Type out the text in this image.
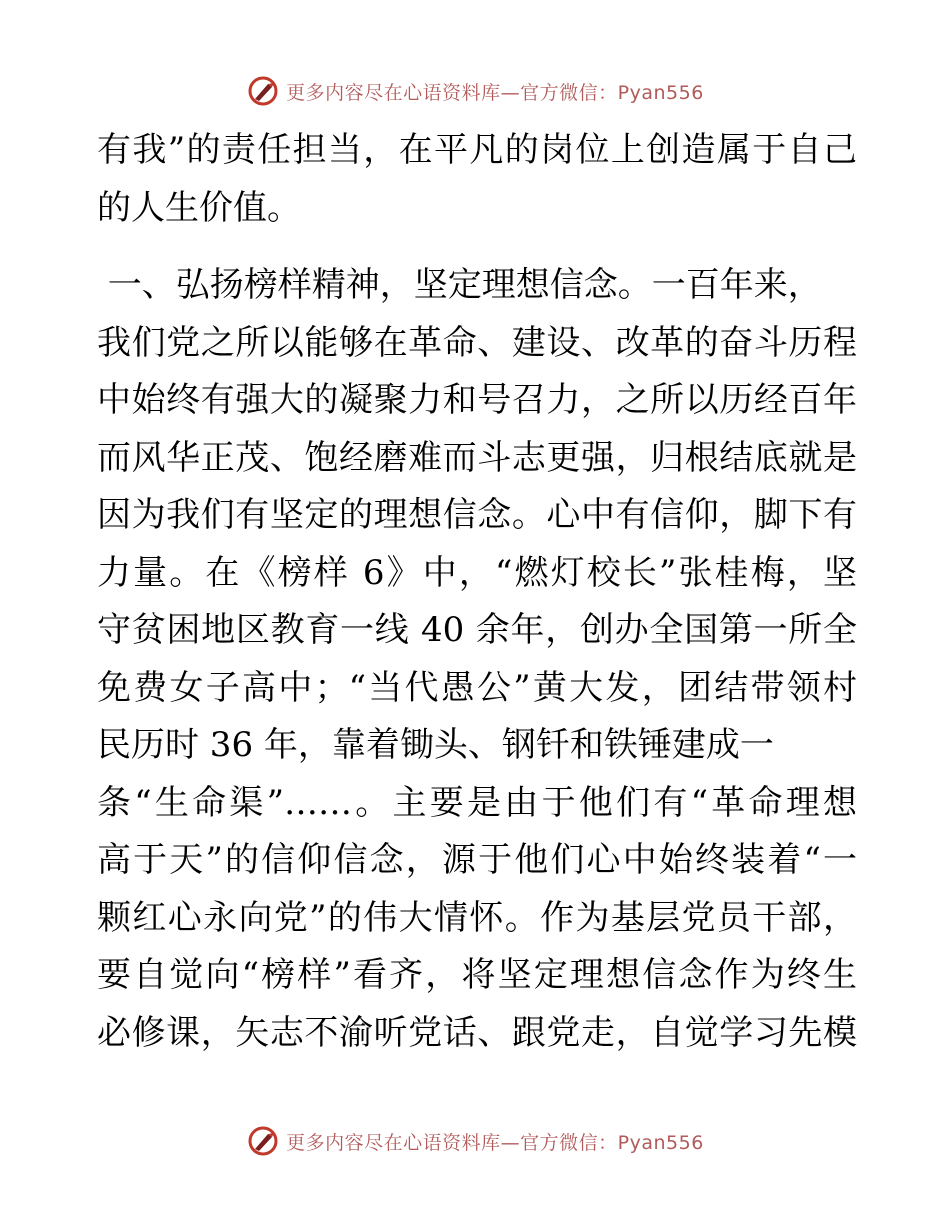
更多内容尽在心语资料库—官方微信：Pyan556
有我”的责任担当，在平凡的岗位上创造属于自己
的人生价值。
一、弘扬榜样精神，坚定理想信念。一百年来，
我们党之所以能够在革命、建设、改革的奋斗历程
中始终有强大的凝聚力和号召力，之所以历经百年
而风华正茂、饱经磨难而斗志更强，归根结底就是
因为我们有坚定的理想信念。心中有信仰，脚下有
力量。在《榜样 6》中，“燃灯校长”张桂梅，坚
守贫困地区教育一线 40 余年，创办全国第一所全
免费女子高中；“当代愚公”黄大发，团结带领村
民历时 36 年，靠着锄头、钢钎和铁锤建成一
条“生命渠”……。主要是由于他们有“革命理想
高于天”的信仰信念，源于他们心中始终装着“一
颗红心永向党”的伟大情怀。作为基层党员干部，
要自觉向“榜样”看齐，将坚定理想信念作为终生
必修课，矢志不渝听党话、跟党走，自觉学习先模
更多内容尽在心语资料库—官方微信：Pyan556
